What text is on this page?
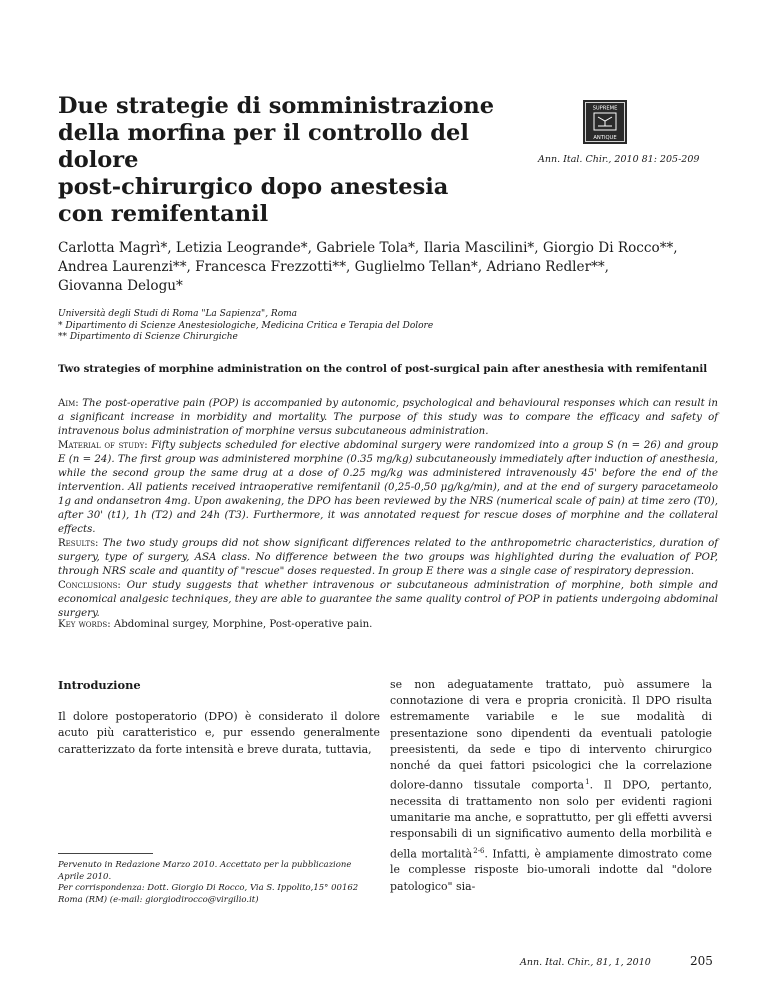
Due strategie di somministrazione
della morfina per il controllo del dolore
post-chirurgico dopo anestesia
con remifentanil
SUPREME
ANTIQUE
Ann. Ital. Chir., 2010 81: 205-209
Carlotta Magrì*, Letizia Leogrande*, Gabriele Tola*, Ilaria Mascilini*, Giorgio Di Rocco**,
Andrea Laurenzi**, Francesca Frezzotti**, Guglielmo Tellan*, Adriano Redler**,
Giovanna Delogu*
Università degli Studi di Roma "La Sapienza", Roma
* Dipartimento di Scienze Anestesiologiche, Medicina Critica e Terapia del Dolore
** Dipartimento di Scienze Chirurgiche
Two strategies of morphine administration on the control of post-surgical pain after anesthesia with remifentanil

Aim: The post-operative pain (POP) is accompanied by autonomic, psychological and behavioural responses which can result in a significant increase in morbidity and mortality. The purpose of this study was to compare the efficacy and safety of intravenous bolus administration of morphine versus subcutaneous administration.

Material of study: Fifty subjects scheduled for elective abdominal surgery were randomized into a group S (n = 26) and group E (n = 24). The first group was administered morphine (0.35 mg/kg) subcutaneously immediately after induction of anesthesia, while the second group the same drug at a dose of 0.25 mg/kg was administered intravenously 45' before the end of the intervention. All patients received intraoperative remifentanil (0,25-0,50 μg/kg/min), and at the end of surgery paracetameolo 1g and ondansetron 4mg. Upon awakening, the DPO has been reviewed by the NRS (numerical scale of pain) at time zero (T0), after 30' (t1), 1h (T2) and 24h (T3). Furthermore, it was annotated request for rescue doses of morphine and the collateral effects.

Results: The two study groups did not show significant differences related to the anthropometric characteristics, duration of surgery, type of surgery, ASA class. No difference between the two groups was highlighted during the evaluation of POP, through NRS scale and quantity of "rescue" doses requested. In group E there was a single case of respiratory depression.

Conclusions: Our study suggests that whether intravenous or subcutaneous administration of morphine, both simple and economical analgesic techniques, they are able to guarantee the same quality control of POP in patients undergoing abdominal surgery.

Key words: Abdominal surgey, Morphine, Post-operative pain.
Introduzione

Il dolore postoperatorio (DPO) è considerato il dolore acuto più caratteristico e, pur essendo generalmente caratterizzato da forte intensità e breve durata, tuttavia,

Pervenuto in Redazione Marzo 2010. Accettato per la pubblicazione Aprile 2010.

Per corrispondenza: Dott. Giorgio Di Rocco, Via S. Ippolito,15° 00162 Roma (RM) (e-mail: giorgiodirocco@virgilio.it)

se non adeguatamente trattato, può assumere la connotazione di vera e propria cronicità. Il DPO risulta estremamente variabile e le sue modalità di presentazione sono dipendenti da eventuali patologie preesistenti, da sede e tipo di intervento chirurgico nonché da quei fattori psicologici che la correlazione dolore-danno tissutale comporta $^1$. Il DPO, pertanto, necessita di trattamento non solo per evidenti ragioni umanitarie ma anche, e soprattutto, per gli effetti avversi responsabili di un significativo aumento della morbilità e della mortalità $^{2-6}$. Infatti, è ampiamente dimostrato come le complesse risposte bio-umorali indotte dal "dolore patologico" sia-

Ann. Ital. Chir., 81, 1, 2010	205
